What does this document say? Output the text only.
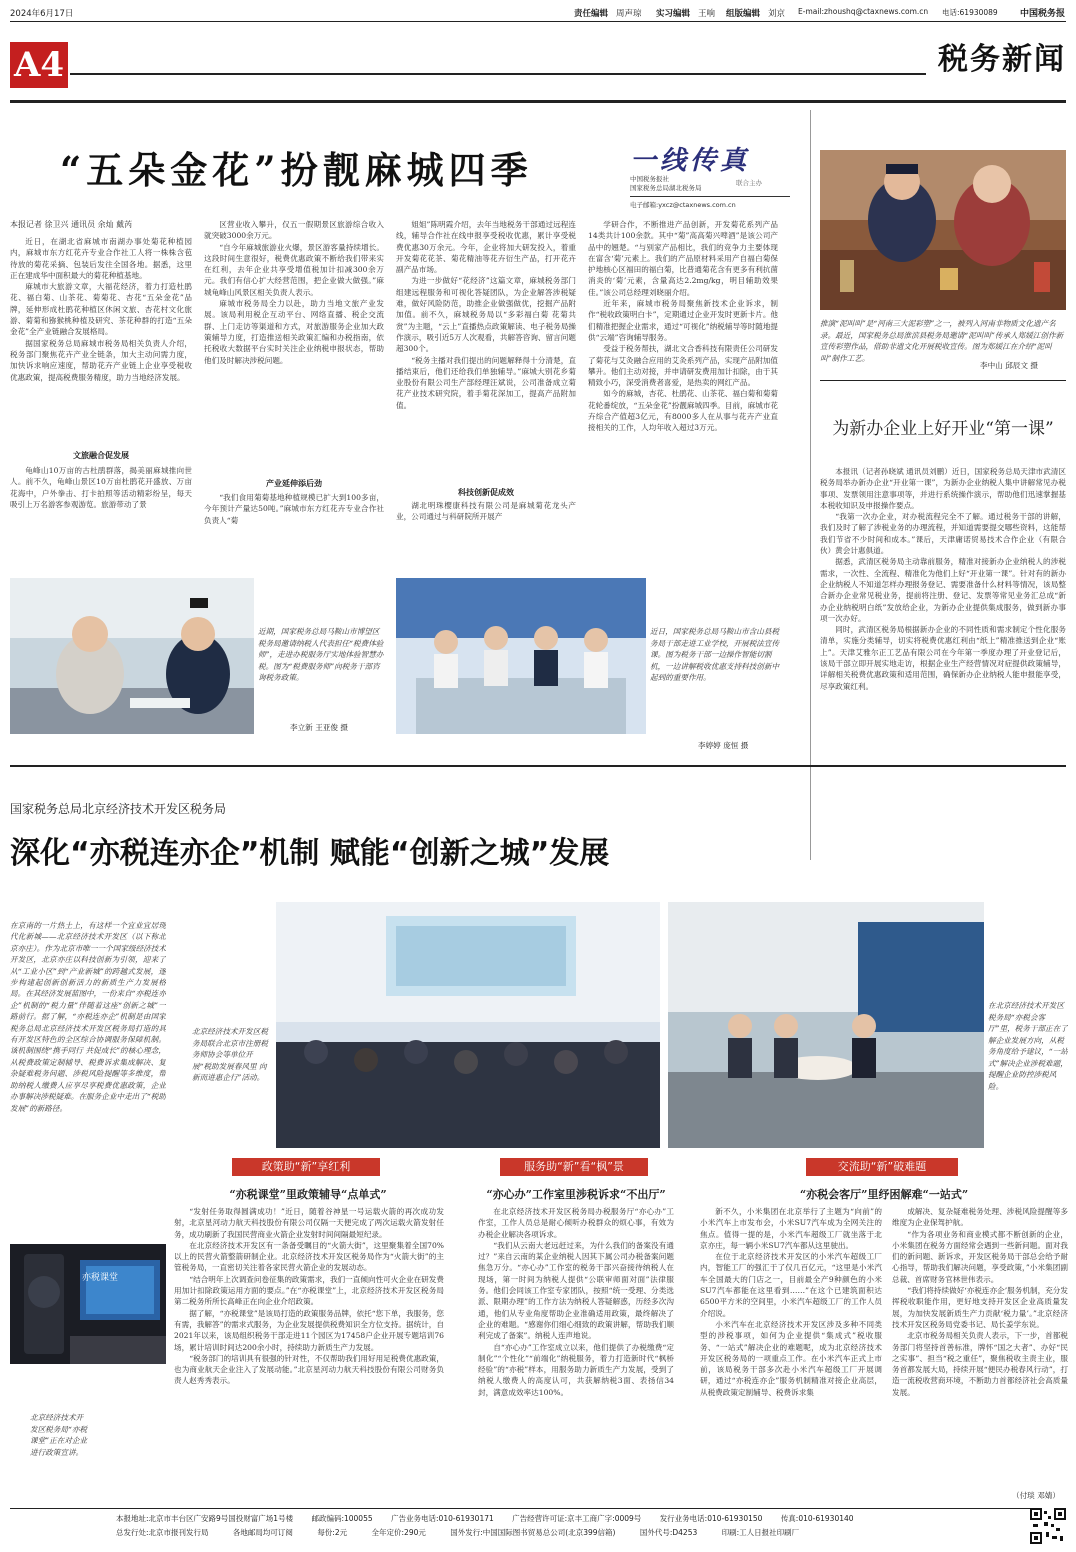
2024年6月17日	责任编辑 周声琼 实习编辑 王响 组版编辑 刘京 E-mail:zhoushq@ctaxnews.com.cn 电话:61930089 中国税务报
A4	税务新闻
“五朵金花”扮靓麻城四季	一线传真
中国税务报社
国家税务总局湖北税务局
联合主办
电子邮箱:yxcz@ctaxnews.com.cn
本报记者 徐卫兴 通讯员 余灿 戴芮

近日，在湖北省麻城市南湖办事处菊花种植园内，麻城市东方红花卉专业合作社工人将一株株含苞待放的菊花采摘、包装后发往全国各地。据悉，这里正在建成华中面积最大的菊花种植基地。

麻城市大旅游文章，大福花经济，着力打造杜鹃花、福白菊、山茶花、菊菊花、杏花“五朵金花”品牌，延伸形成杜鹃花种植区休闲文旅、杏花村文化旅游、菊菊和猕猴桃种植及研究、茶花种群的打造“五朵金花”全产业链融合发展格局。

据国家税务总局麻城市税务局相关负责人介绍，税务部门聚焦花卉产业全链条，加大主动问需力度，加快诉求响应速度，帮助花卉产业链上企业享受税收优惠政策，提高税费服务精度，助力当地经济发展。

文旅融合促发展

龟峰山10万亩的古杜鹃群落，揭美丽麻城推向世人。前不久，龟峰山景区10万亩杜鹃花开盛放、万亩花海中，户外拳击、打卡拍照等活动精彩纷呈，每天吸引上万名游客参观游览。旅游带动了景

区营业收入攀升，仅五一假期景区旅游综合收入就突破3000余万元。

“自今年麻城旅游业火爆，景区游客量持续增长。这段时间生意很好，税费优惠政策不断给我们带来实在红利，去年企业共享受增值税加计扣减300余万元。我们有信心扩大经营范围，把企业做大做强。”麻城龟峰山风景区相关负责人表示。

麻城市税务局全力以赴，助力当地文旅产业发展。该局利用税企互动平台、网络直播、税企交流群、上门走访等渠道和方式，对旅游服务企业加大政策辅导力度，打造推送相关政策汇编和办税指南，依托税收大数据平台实时关注企业纳税申报状态，帮助他们及时解决涉税问题。

产业延伸添后劲

“我们食用菊菊基地种植规模已扩大到100多亩，今年预计产量达50吨。”麻城市东方红花卉专业合作社负责人“菊

姐姐”陈明霞介绍，去年当地税务干部通过远程连线，辅导合作社在线申报享受税收优惠，累计享受税费优惠30万余元。今年，企业将加大研发投入，着重开发菊花花茶、菊花精油等花卉衍生产品，打开花卉副产品市场。

为进一步做好“花经济”这篇文章，麻城税务部门组建远程服务和可视化答疑团队，为企业解答涉税疑难，做好风险防范，助推企业做强做优，挖掘产品附加值。前不久，麻城税务局以“多彩福白菊 花菊共赏”为主题，“云上”直播热点政策解读、电子税务局操作演示，吸引近5万人次观看，共解答咨询、留言问题超300个。

“税务主播对我们提出的问题解释得十分清楚，直播结束后，他们还给我们单独辅导。”麻城大别花乡菊业股份有限公司生产部经理汪斌说，公司准备成立菊花产业技术研究院，着手菊花深加工，提高产品附加值。

科技创新促成效

湖北明珠樱康科技有限公司是麻城菊花龙头产业，公司通过与科研院所开展产

学研合作，不断推进产品创新，开发菊花系列产品14类共计100余款。其中“菊”高高菊兴啤酒”是该公司产品中的翘楚。“与别家产品相比，我们的竞争力主要体现在富含‘菊’元素上。我们的产品原材料采用产自福白菊保护地核心区福田的福白菊，比普通菊花含有更多有利抗菌消炎的‘菊’元素，含量高达2.2mg/kg，明目辅助效果佳。”该公司总经理刘晓丽介绍。

近年来，麻城市税务局聚焦新技术企业诉求，制作“税收政策明白卡”，定期通过企业开发时更新卡片。他们精准把握企业需求，通过“可视化”纳税辅导等时随地提供“云端”咨询辅导服务。

受益于税务帮扶，湖北文合香科技有限责任公司研发了菊花与艾灸融合应用的艾灸系列产品，实现产品附加值攀升。他们主动对接，并申请研发费用加计扣除，由于其精致小巧，深受消费者喜爱，是热卖的网红产品。

如今的麻城，杏花、杜鹃花、山茶花、福白菊和菊菊花轮番绽放，“五朵金花”扮靓麻城四季。目前，麻城市花卉综合产值超3亿元，有8000多人在从事与花卉产业直接相关的工作，人均年收入超过3万元。

推演“泥叫叫”是“河南三大泥彩塑”之一，被列入河南非物质文化遗产名录。最近，国家税务总局淮滨县税务局邀请“泥叫叫”传承人郑媛江创作新宣传彩塑作品，借助非遗文化开展税收宣传。图为郑媛江在介绍“泥叫叫”制作工艺。
李中山 邱辰文 摄
为新办企业上好开业“第一课”

本报讯（记者孙晓斌 通讯员刘鹏）近日，国家税务总局天津市武清区税务局举办新办企业“开业第一课”，为新办企业纳税人集中讲解常见办税事项、发票领用注意事项等，并进行系统操作演示，帮助他们迅速掌握基本税收知识及申报操作要点。

“我第一次办企业，对办税流程完全不了解。通过税务干部的讲解，我们及时了解了涉税业务的办理流程，并知道需要提交哪些资料，这能帮我们节省不少时间和成本。”课后，天津庸诺贸易技术合作企业（有限合伙）黄会计惠俱道。

据悉，武清区税务局主动靠前服务，精准对接新办企业纳税人的涉税需求，一次性、全流程、精准化为他们上好“开业第一课”。针对有的新办企业纳税人不知道怎样办理报务登记、需要准备什么材料等情况，该局整合新办企业常见税业务，提前将注册、登记、发票等常见业务汇总成“新办企业纳税明白纸”发放给企业，为新办企业提供集成服务，做到新办事项一次办好。

同时，武清区税务局根据新办企业的不同性质和需求制定个性化服务清单，实施分类辅导，切实将税费优惠红利由“纸上”精准推送到企业“账上”。天津艾雅尔正工艺品有限公司在今年第一季度办理了开业登记后，该局干部立即开展实地走访，根据企业生产经营情况对症提供政策辅导，详解相关税费优惠政策和适用范围，确保新办企业纳税人能申报能享受，尽享政策红利。

近期，国家税务总局马鞍山市博望区税务局邀请纳税人代表担任“税费体验师”，走进办税服务厅实地体验智慧办税。图为“税费服务师”向税务干部咨询税务政策。
李立新 王亚俊 摄
近日，国家税务总局马鞍山市含山县税务局干部走进工业学校，开展税法宣传课。图为税务干部一边操作智能切割机，一边讲解税收优惠支持科技创新中起到的重要作用。
李婷婷 庞恒 摄
国家税务总局北京经济技术开发区税务局
深化“亦税连亦企”机制 赋能“创新之城”发展
在京南的一片热土上，有这样一个宜业宜居现代化新城——北京经济技术开发区（以下称北京亦庄）。作为北京市唯一一个国家级经济技术开发区，北京亦庄以科技创新为引领，迎来了从“工业小区”到“产业新城”的跨越式发展，逐步构建起创新创新活力的新质生产力发展格局。在其经济发展蓝图中，一份来自“亦税连亦企”机制的“税力量”伴随着这座“创新之城”一路前行。据了解，“亦税连亦企”机制是由国家税务总局北京经济技术开发区税务局打造的具有开发区特色的全区综合协调服务保障机制。该机制围绕“携手同行 共促成长”的核心理念，从税费政策定制辅导、税费诉求集成解决、复杂疑难税务问题、涉税风险提醒等多维度，帮助纳税人缴费人应享尽享税费优惠政策，企业办事解决涉税疑难。在服务企业中走出了“税助发展”的新路径。
北京经济技术开发区税务局联合北京市注册税务师协会等单位开展“税助发展春风里 向新而进惠企行”活动。
在北京经济技术开发区税务局“亦税会客厅”里，税务干部正在了解企业发展方向，从税务角度给予建议，“一站式”解决企业涉税难题，提醒企业防控涉税风险。
政策助“新”享红利	服务助“新”看“枫”景	交流助“新”破难题
“亦税课堂”里政策辅导“点单式”	“亦心办”工作室里涉税诉求“不出厅”	“亦税会客厅”里纾困解难“一站式”
亦税课堂
北京经济技术开发区税务局“亦税课堂”正在对企业进行政策宣讲。

“发射任务取得圆满成功！”近日，随着谷神星一号运载火箭的再次成功发射，北京星河动力航天科技股份有限公司仅隔一天便完成了两次运载火箭发射任务，成功刷新了我国民营商业火箭企业发射时间间隔最短纪录。

在北京经济技术开发区有一条备受瞩目的“火箭大街”，这里聚集着全国70%以上的民营火箭整箭研制企业。北京经济技术开发区税务局作为“火箭大街”的主管税务局，一直密切关注着各家民营火箭企业的发展动态。

“结合明年上次调查问卷征集的政策需求，我们一直倾向性可火企业在研发费用加计扣除政策运用方面的要点。”在“亦税课堂”上，北京经济技术开发区税务局第二税务所所长高峰正在向企业介绍政策。

据了解，“亦税课堂”是该局打造的政策服务品牌，依托“您下单，我服务，您有需，我解答”的需求式服务，为企业发展提供税费知识全方位支持。据统计，自2021年以来，该局组织税务干部走进11个园区为17458户企业开展专题培训76场，累计培训时间达200余小时，持续助力新质生产力发展。

“税务部门的培训具有很强的针对性，不仅帮助我们用好用足税费优惠政策，也为商业航天企业注入了发展动能。”北京星河动力航天科技股份有限公司财务负责人赵秀秀表示。

在北京经济技术开发区税务局办税服务厅“亦心办”工作室，工作人员总是耐心倾听办税群众的烦心事，有效为办税企业解决各项诉求。

“我们从云南大老远赶过来，为什么我们的备案没有通过？”来自云南的某企业纳税人因其下属公司办税备案问题焦急万分。“亦心办”工作室的税务干部兴奋接待纳税人在现场，第一时间为纳税人提供“公联审师面对面”法律服务。他们会同该工作室专家团队，按照“统一受理、分类选派、限期办理”的工作方法为纳税人答疑解惑，历经多次沟通，他们从专业角度帮助企业准确适用政策，最终解决了企业的难题。“感谢你们细心细致的政策讲解，帮助我们顺利完成了备案”。纳税人连声地说。

自“亦心办”工作室成立以来，他们提供了办税缴费“定制化”“个性化”“前端化”纳税服务，着力打造新时代“枫桥经验”的“亦税”样本，用服务助力新质生产力发展，受到了纳税人缴费人的高度认可，共获解纳税3面、表扬信34封，满意成效率达100%。

新不久，小米集团在北京举行了主题为“向前”的小米汽车上市发布会，小米SU7汽车成为全网关注的焦点。值得一提的是，小米汽车超级工厂就坐落于北京亦庄，每一辆小米SU7汽车都从这里驶出。

在位于北京经济技术开发区的小米汽车超级工厂内，智能工厂的强汇于了仅几百亿元，“这里是小米汽车全国最大的门店之一，目前最全产9种颜色的小米SU7汽车都能在这里看到……”在这个已建筑面积达6500平方米的空间里，小米汽车超级工厂的工作人员介绍说。

小米汽车在北京经济技术开发区涉及多种不同类型的涉税事项，如何为企业提供“集成式”税收服务、“一站式”解决企业的难题呢，成为北京经济技术开发区税务局的一项重点工作。在小米汽车正式上市前，该局税务干部多次赴小米汽车超级工厂开展调研，通过“亦税连亦企”服务机制精准对接企业高层，从税费政策定制辅导、税费诉求集

成解决、复杂疑难税务处理、涉税风险提醒等多维度为企业保驾护航。

“作为各项业务和商业模式都不断创新的企业，小米集团在税务方面经常会遇到一些新问题。面对我们的新问题、新诉求，开发区税务局干部总会给予耐心指导，帮助我们解决问题，享受政策，”小米集团副总裁、首席财务官林世伟表示。

“我们将持续做好‘亦税连亦企’服务机制，充分发挥税收职能作用，更好地支持开发区企业高质量发展，为加快发展新质生产力贡献‘税力量’。”北京经济技术开发区税务局党委书记、局长姜学东说。

北京市税务局相关负责人表示，下一步，首都税务部门将坚持首善标准，牌怀“国之大者”、办好“民之实事”、担当“税之重任”，聚焦税收主责主业，服务首都发展大局，持续开展“便民办税春风行动”，打造一流税收营商环境，不断助力首都经济社会高质量发展。

（付琰 邓婧）
本报地址:北京市丰台区广安路9号国投财富广场1号楼 邮政编码:100055 广告业务电话:010-61930171 广告经营许可证:京丰工商广字:0009号 发行业务电话:010-61930150 传真:010-61930140
总发行处:北京市报刊发行局	各地邮局均可订阅	每份:2元	全年定价:290元	国外发行:中国国际图书贸易总公司(北京399信箱)	国外代号:D4253	印刷:工人日报社印刷厂
